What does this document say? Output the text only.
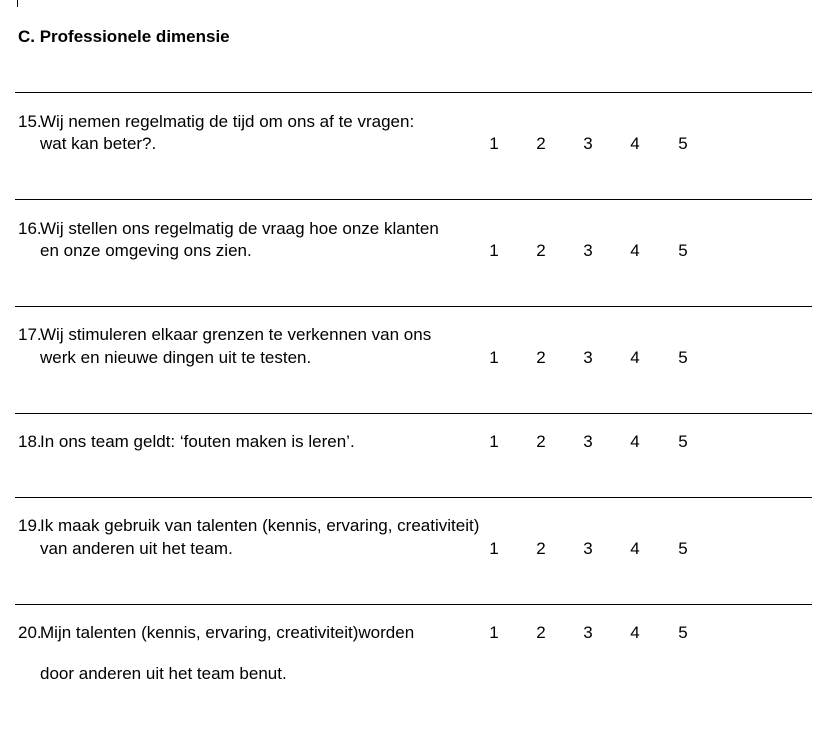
C. Professionele dimensie
15.
Wij nemen regelmatig de tijd om ons af te vragen:
wat kan beter?.	1	2	3	4	5
16.
Wij stellen ons regelmatig de vraag hoe onze klanten
en onze omgeving ons zien.	1	2	3	4	5
17.
Wij stimuleren elkaar grenzen te verkennen van ons
werk en nieuwe dingen uit te testen.	1	2	3	4	5
18.
In ons team geldt: ‘fouten maken is leren’.	1	2	3	4	5
19.
Ik maak gebruik van talenten (kennis, ervaring, creativiteit)
van anderen uit het team.	1	2	3	4	5
20.
Mijn talenten (kennis, ervaring, creativiteit)worden
door anderen uit het team benut.
1	2	3	4	5
